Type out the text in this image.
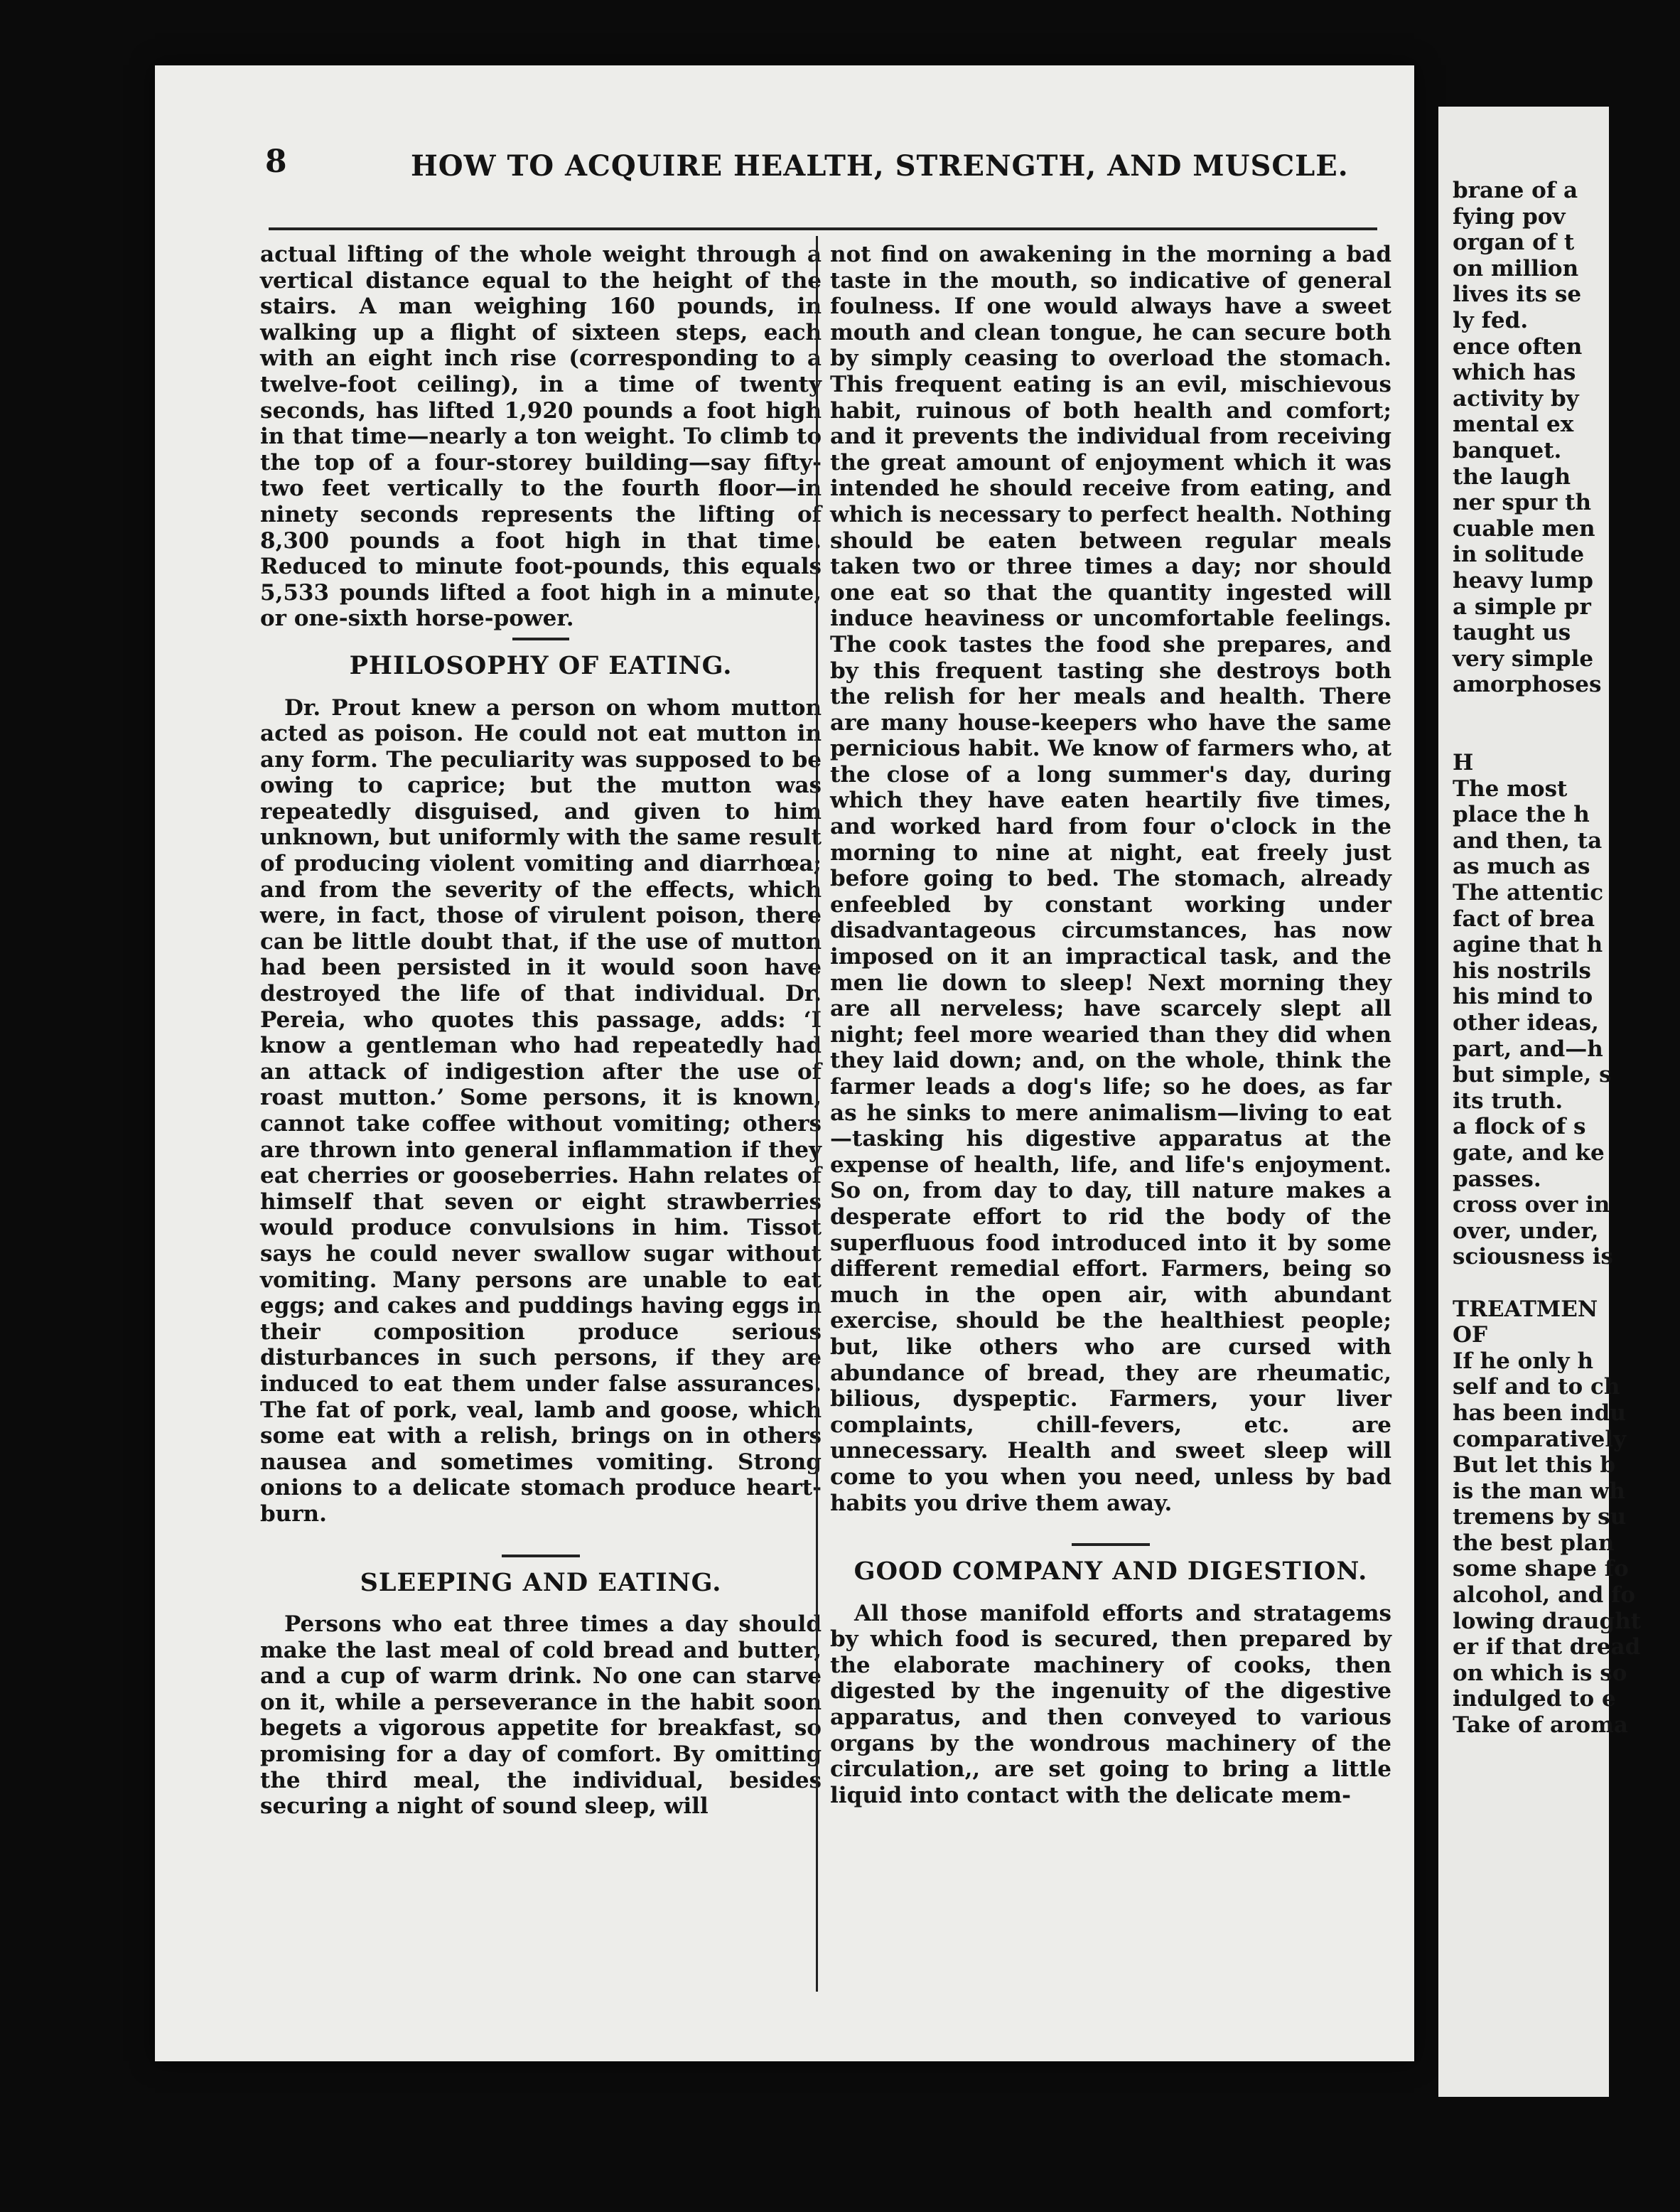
8	HOW TO ACQUIRE HEALTH, STRENGTH, AND MUSCLE.

actual lifting of the whole weight through a vertical distance equal to the height of the stairs. A man weighing 160 pounds, in walking up a flight of sixteen steps, each with an eight inch rise (corresponding to a twelve-foot ceiling), in a time of twenty seconds, has lifted 1,920 pounds a foot high in that time—nearly a ton weight. To climb to the top of a four-storey building—say fifty-two feet vertically to the fourth floor—in ninety seconds represents the lifting of 8,300 pounds a foot high in that time. Reduced to minute foot-pounds, this equals 5,533 pounds lifted a foot high in a minute, or one-sixth horse-power.

PHILOSOPHY OF EATING.

Dr. Prout knew a person on whom mutton acted as poison. He could not eat mutton in any form. The peculiarity was supposed to be owing to caprice; but the mutton was repeatedly disguised, and given to him unknown, but uniformly with the same result of producing violent vomiting and diarrhœa; and from the severity of the effects, which were, in fact, those of virulent poison, there can be little doubt that, if the use of mutton had been persisted in it would soon have destroyed the life of that individual. Dr. Pereia, who quotes this passage, adds: ‘I know a gentleman who had repeatedly had an attack of indigestion after the use of roast mutton.’ Some persons, it is known, cannot take coffee without vomiting; others are thrown into general inflammation if they eat cherries or gooseberries. Hahn relates of himself that seven or eight strawberries would produce convulsions in him. Tissot says he could never swallow sugar without vomiting. Many persons are unable to eat eggs; and cakes and puddings having eggs in their composition produce serious disturbances in such persons, if they are induced to eat them under false assurances. The fat of pork, veal, lamb and goose, which some eat with a relish, brings on in others nausea and sometimes vomiting. Strong onions to a delicate stomach produce heart-burn.

SLEEPING AND EATING.

Persons who eat three times a day should make the last meal of cold bread and butter, and a cup of warm drink. No one can starve on it, while a perseverance in the habit soon begets a vigorous appetite for breakfast, so promising for a day of comfort. By omitting the third meal, the individual, besides securing a night of sound sleep, will

not find on awakening in the morning a bad taste in the mouth, so indicative of general foulness. If one would always have a sweet mouth and clean tongue, he can secure both by simply ceasing to overload the stomach. This frequent eating is an evil, mischievous habit, ruinous of both health and comfort; and it prevents the individual from receiving the great amount of enjoyment which it was intended he should receive from eating, and which is necessary to perfect health. Nothing should be eaten between regular meals taken two or three times a day; nor should one eat so that the quantity ingested will induce heaviness or uncomfortable feelings. The cook tastes the food she prepares, and by this frequent tasting she destroys both the relish for her meals and health. There are many house-keepers who have the same pernicious habit. We know of farmers who, at the close of a long summer's day, during which they have eaten heartily five times, and worked hard from four o'clock in the morning to nine at night, eat freely just before going to bed. The stomach, already enfeebled by constant working under disadvantageous circumstances, has now imposed on it an impractical task, and the men lie down to sleep! Next morning they are all nerveless; have scarcely slept all night; feel more wearied than they did when they laid down; and, on the whole, think the farmer leads a dog's life; so he does, as far as he sinks to mere animalism—living to eat—tasking his digestive apparatus at the expense of health, life, and life's enjoyment. So on, from day to day, till nature makes a desperate effort to rid the body of the superfluous food introduced into it by some different remedial effort. Farmers, being so much in the open air, with abundant exercise, should be the healthiest people; but, like others who are cursed with abundance of bread, they are rheumatic, bilious, dyspeptic. Farmers, your liver complaints, chill-fevers, etc. are unnecessary. Health and sweet sleep will come to you when you need, unless by bad habits you drive them away.

GOOD COMPANY AND DIGESTION.

All those manifold efforts and stratagems by which food is secured, then prepared by the elaborate machinery of cooks, then digested by the ingenuity of the digestive apparatus, and then conveyed to various organs by the wondrous machinery of the circulation,, are set going to bring a little liquid into contact with the delicate mem-

brane of a
fying pov
organ of t
on million
lives its se
ly fed.
ence often
which has
activity by
mental ex
banquet.
the laugh
ner spur th
cuable men
in solitude
heavy lump
a simple pr
taught us
very simple
amorphoses
H
The most
place the h
and then, ta
as much as
The attentic
fact of brea
agine that h
his nostrils
his mind to
other ideas,
part, and—h
but simple, s
its truth.
a flock of s
gate, and ke
passes.
cross over in
over, under,
sciousness is
TREATMEN
OF
If he only h
self and to ch
has been indu
comparatively
But let this b
is the man wh
tremens by su
the best plan
some shape fo
alcohol, and fo
lowing draught
er if that dread
on which is so
indulged to e
Take of aroma
